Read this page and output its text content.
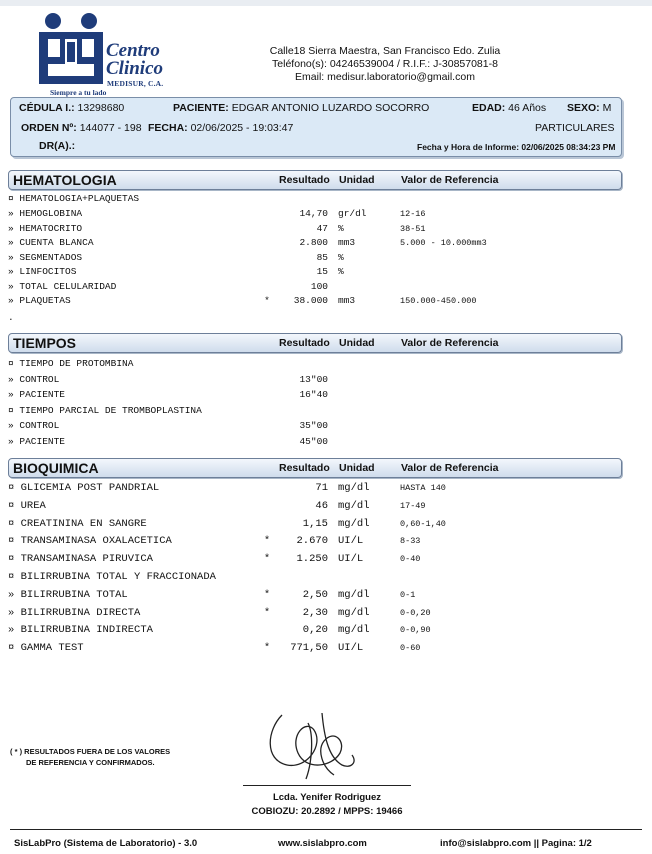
Centro
Clinico
MEDISUR, C.A.
Siempre a tu lado
Calle18 Sierra Maestra, San Francisco Edo. Zulia
Teléfono(s): 04246539004 / R.I.F.: J-30857081-8
Email: medisur.laboratorio@gmail.com
CÉDULA I.: 13298680	PACIENTE: EDGAR ANTONIO LUZARDO SOCORRO	EDAD: 46 Años SEXO: M
ORDEN Nº: 144077 - 198 FECHA: 02/06/2025 - 19:03:47	PARTICULARES
DR(A).:	Fecha y Hora de Informe: 02/06/2025 08:34:23 PM
HEMATOLOGIA	Resultado Unidad	Valor de Referencia
¤ HEMATOLOGIA+PLAQUETAS
» HEMOGLOBINA	14,70 gr/dl	12-16
» HEMATOCRITO	47 %	38-51
» CUENTA BLANCA	2.800 mm3	5.000 - 10.000mm3
» SEGMENTADOS	85 %
» LINFOCITOS	15 %
» TOTAL CELULARIDAD	100
» PLAQUETAS	*	38.000 mm3	150.000-450.000
.
TIEMPOS	Resultado Unidad	Valor de Referencia
¤ TIEMPO DE PROTOMBINA
» CONTROL	13"00
» PACIENTE	16"40
¤ TIEMPO PARCIAL DE TROMBOPLASTINA
» CONTROL	35"00
» PACIENTE	45"00
BIOQUIMICA	Resultado Unidad	Valor de Referencia
¤ GLICEMIA POST PANDRIAL	71 mg/dl	HASTA 140
¤ UREA	46 mg/dl	17-49
¤ CREATININA EN SANGRE	1,15 mg/dl	0,60-1,40
¤ TRANSAMINASA OXALACETICA	*	2.670 UI/L	8-33
¤ TRANSAMINASA PIRUVICA	*	1.250 UI/L	0-40
¤ BILIRRUBINA TOTAL Y FRACCIONADA
» BILIRRUBINA TOTAL	*	2,50 mg/dl	0-1
» BILIRRUBINA DIRECTA	*	2,30 mg/dl	0-0,20
» BILIRRUBINA INDIRECTA	0,20 mg/dl	0-0,90
¤ GAMMA TEST	*	771,50 UI/L	0-60
( * ) RESULTADOS FUERA DE LOS VALORES
DE REFERENCIA Y CONFIRMADOS.
Lcda. Yenifer Rodriguez
COBIOZU: 20.2892 / MPPS: 19466
SisLabPro (Sistema de Laboratorio) - 3.0	www.sislabpro.com	info@sislabpro.com || Pagina: 1/2
